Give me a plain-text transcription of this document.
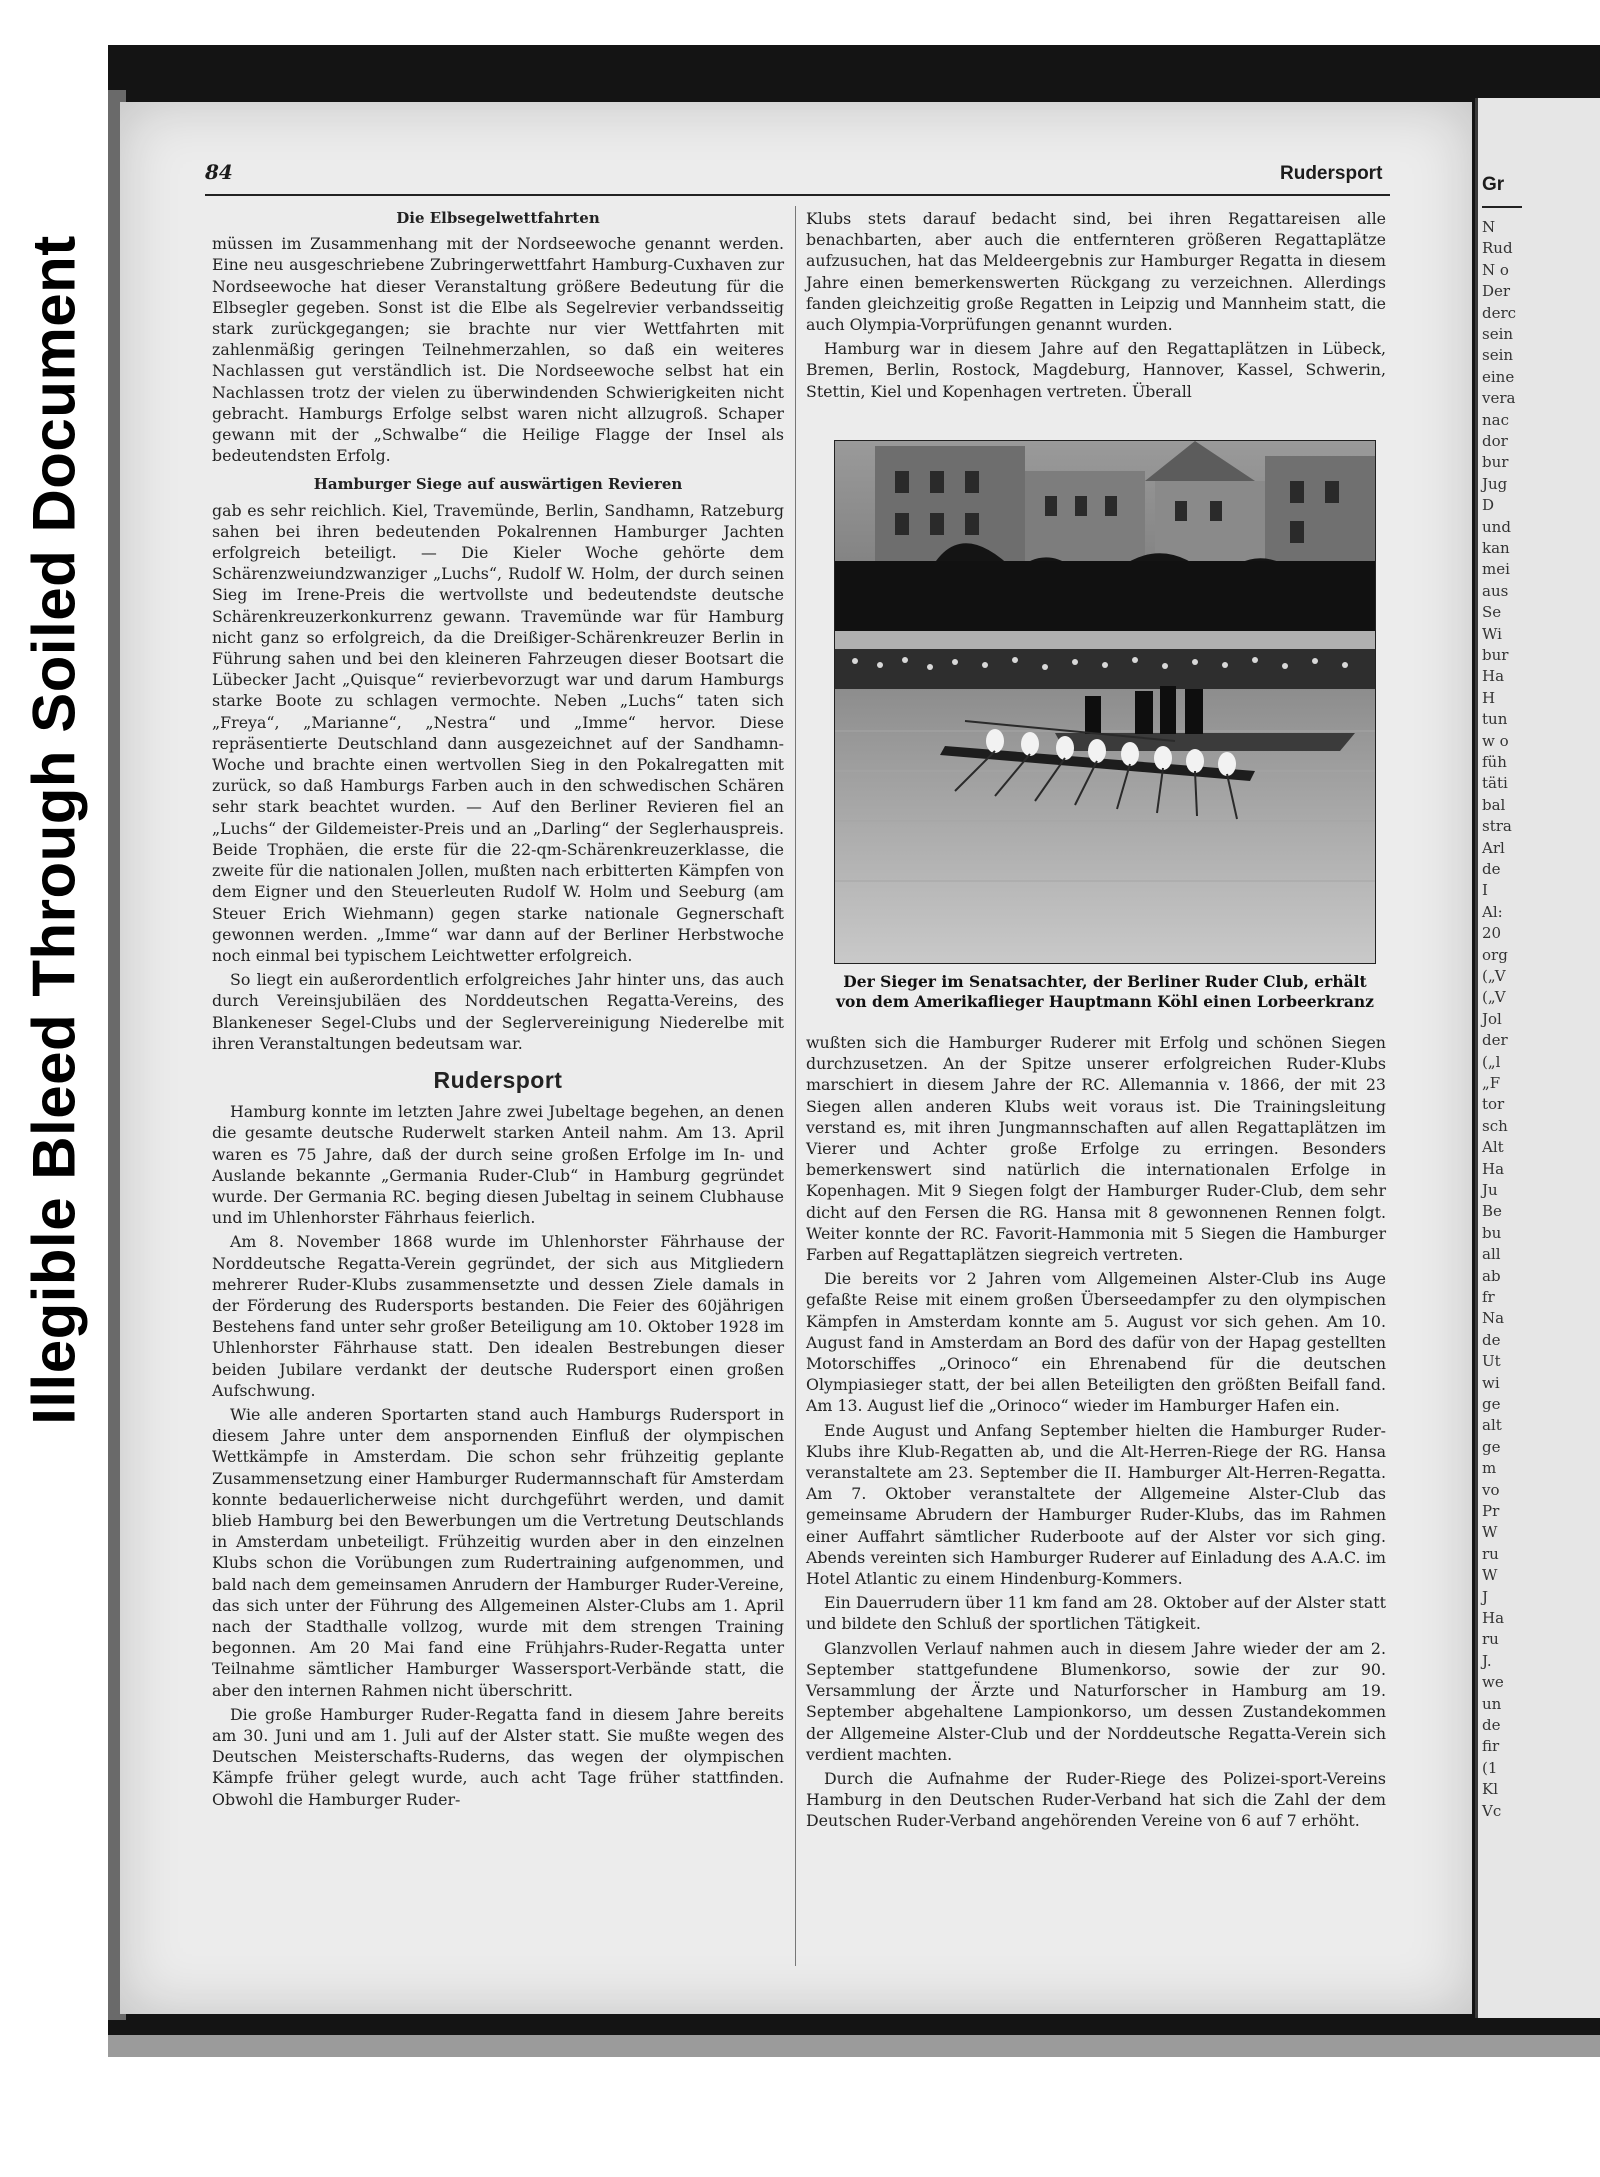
Illegible Bleed Through Soiled Document
Gr
N
Rud
N o
Der
derc
sein
sein
eine
vera
nac
dor
bur
Jug
D
und
kan
mei
aus
Se
Wi
bur
Ha
H
tun
w o
füh
täti
bal
stra
Arl
de
I
Al:
20
org
(„V
(„V
Jol
der
(„l
„F
tor
sch
Alt
Ha
Ju
Be
bu
all
ab
fr
Na
de
Ut
wi
ge
alt
ge
m
vo
Pr
W
ru
W
J
Ha
ru
J.
we
un
de
fir
(1
Kl
Vc
84	Rudersport
Die Elbsegelwettfahrten

müssen im Zusammenhang mit der Nordseewoche genannt werden. Eine neu ausgeschriebene Zubringerwettfahrt Hamburg-Cuxhaven zur Nordseewoche hat dieser Veranstaltung größere Bedeutung für die Elbsegler gegeben. Sonst ist die Elbe als Segelrevier verbandsseitig stark zurückgegangen; sie brachte nur vier Wettfahrten mit zahlenmäßig geringen Teilnehmerzahlen, so daß ein weiteres Nachlassen gut verständlich ist. Die Nordseewoche selbst hat ein Nachlassen trotz der vielen zu überwindenden Schwierigkeiten nicht gebracht. Hamburgs Erfolge selbst waren nicht allzugroß. Schaper gewann mit der „Schwalbe“ die Heilige Flagge der Insel als bedeutendsten Erfolg.

Hamburger Siege auf auswärtigen Revieren

gab es sehr reichlich. Kiel, Travemünde, Berlin, Sandhamn, Ratzeburg sahen bei ihren bedeutenden Pokalrennen Hamburger Jachten erfolgreich beteiligt. — Die Kieler Woche gehörte dem Schärenzweiundzwanziger „Luchs“, Rudolf W. Holm, der durch seinen Sieg im Irene-Preis die wertvollste und bedeutendste deutsche Schärenkreuzerkonkurrenz gewann. Travemünde war für Hamburg nicht ganz so erfolgreich, da die Dreißiger-Schärenkreuzer Berlin in Führung sahen und bei den kleineren Fahrzeugen dieser Bootsart die Lübecker Jacht „Quisque“ revierbevorzugt war und darum Hamburgs starke Boote zu schlagen vermochte. Neben „Luchs“ taten sich „Freya“, „Marianne“, „Nestra“ und „Imme“ hervor. Diese repräsentierte Deutschland dann ausgezeichnet auf der Sandhamn-Woche und brachte einen wertvollen Sieg in den Pokalregatten mit zurück, so daß Hamburgs Farben auch in den schwedischen Schären sehr stark beachtet wurden. — Auf den Berliner Revieren fiel an „Luchs“ der Gildemeister-Preis und an „Darling“ der Seglerhauspreis. Beide Trophäen, die erste für die 22-qm-Schärenkreuzerklasse, die zweite für die nationalen Jollen, mußten nach erbitterten Kämpfen von dem Eigner und den Steuerleuten Rudolf W. Holm und Seeburg (am Steuer Erich Wiehmann) gegen starke nationale Gegnerschaft gewonnen werden. „Imme“ war dann auf der Berliner Herbstwoche noch einmal bei typischem Leichtwetter erfolgreich.

So liegt ein außerordentlich erfolgreiches Jahr hinter uns, das auch durch Vereinsjubiläen des Norddeutschen Regatta-Vereins, des Blankeneser Segel-Clubs und der Seglervereinigung Niederelbe mit ihren Veranstaltungen bedeutsam war.

Rudersport

Hamburg konnte im letzten Jahre zwei Jubeltage begehen, an denen die gesamte deutsche Ruderwelt starken Anteil nahm. Am 13. April waren es 75 Jahre, daß der durch seine großen Erfolge im In- und Auslande bekannte „Germania Ruder-Club“ in Hamburg gegründet wurde. Der Germania RC. beging diesen Jubeltag in seinem Clubhause und im Uhlenhorster Fährhaus feierlich.

Am 8. November 1868 wurde im Uhlenhorster Fährhause der Norddeutsche Regatta-Verein gegründet, der sich aus Mitgliedern mehrerer Ruder-Klubs zusammensetzte und dessen Ziele damals in der Förderung des Rudersports bestanden. Die Feier des 60jährigen Bestehens fand unter sehr großer Beteiligung am 10. Oktober 1928 im Uhlenhorster Fährhause statt. Den idealen Bestrebungen dieser beiden Jubilare verdankt der deutsche Rudersport einen großen Aufschwung.

Wie alle anderen Sportarten stand auch Hamburgs Rudersport in diesem Jahre unter dem anspornenden Einfluß der olympischen Wettkämpfe in Amsterdam. Die schon sehr frühzeitig geplante Zusammensetzung einer Hamburger Rudermannschaft für Amsterdam konnte bedauerlicherweise nicht durchgeführt werden, und damit blieb Hamburg bei den Bewerbungen um die Vertretung Deutschlands in Amsterdam unbeteiligt. Frühzeitig wurden aber in den einzelnen Klubs schon die Vorübungen zum Rudertraining aufgenommen, und bald nach dem gemeinsamen Anrudern der Hamburger Ruder-Vereine, das sich unter der Führung des Allgemeinen Alster-Clubs am 1. April nach der Stadthalle vollzog, wurde mit dem strengen Training begonnen. Am 20 Mai fand eine Frühjahrs-Ruder-Regatta unter Teilnahme sämtlicher Hamburger Wassersport-Verbände statt, die aber den internen Rahmen nicht überschritt.

Die große Hamburger Ruder-Regatta fand in diesem Jahre bereits am 30. Juni und am 1. Juli auf der Alster statt. Sie mußte wegen des Deutschen Meisterschafts-Ruderns, das wegen der olympischen Kämpfe früher gelegt wurde, auch acht Tage früher stattfinden. Obwohl die Hamburger Ruder-

Klubs stets darauf bedacht sind, bei ihren Regattareisen alle benachbarten, aber auch die entfernteren größeren Regattaplätze aufzusuchen, hat das Meldeergebnis zur Hamburger Regatta in diesem Jahre einen bemerkenswerten Rückgang zu verzeichnen. Allerdings fanden gleichzeitig große Regatten in Leipzig und Mannheim statt, die auch Olympia-Vorprüfungen genannt wurden.

Hamburg war in diesem Jahre auf den Regattaplätzen in Lübeck, Bremen, Berlin, Rostock, Magdeburg, Hannover, Kassel, Schwerin, Stettin, Kiel und Kopenhagen vertreten. Überall

Der Sieger im Senatsachter, der Berliner Ruder Club, erhält von dem Amerikaflieger Hauptmann Köhl einen Lorbeerkranz

wußten sich die Hamburger Ruderer mit Erfolg und schönen Siegen durchzusetzen. An der Spitze unserer erfolgreichen Ruder-Klubs marschiert in diesem Jahre der RC. Allemannia v. 1866, der mit 23 Siegen allen anderen Klubs weit voraus ist. Die Trainingsleitung verstand es, mit ihren Jungmannschaften auf allen Regattaplätzen im Vierer und Achter große Erfolge zu erringen. Besonders bemerkenswert sind natürlich die internationalen Erfolge in Kopenhagen. Mit 9 Siegen folgt der Hamburger Ruder-Club, dem sehr dicht auf den Fersen die RG. Hansa mit 8 gewonnenen Rennen folgt. Weiter konnte der RC. Favorit-Hammonia mit 5 Siegen die Hamburger Farben auf Regattaplätzen siegreich vertreten.

Die bereits vor 2 Jahren vom Allgemeinen Alster-Club ins Auge gefaßte Reise mit einem großen Überseedampfer zu den olympischen Kämpfen in Amsterdam konnte am 5. August vor sich gehen. Am 10. August fand in Amsterdam an Bord des dafür von der Hapag gestellten Motorschiffes „Orinoco“ ein Ehrenabend für die deutschen Olympiasieger statt, der bei allen Beteiligten den größten Beifall fand. Am 13. August lief die „Orinoco“ wieder im Hamburger Hafen ein.

Ende August und Anfang September hielten die Hamburger Ruder-Klubs ihre Klub-Regatten ab, und die Alt-Herren-Riege der RG. Hansa veranstaltete am 23. September die II. Hamburger Alt-Herren-Regatta. Am 7. Oktober veranstaltete der Allgemeine Alster-Club das gemeinsame Abrudern der Hamburger Ruder-Klubs, das im Rahmen einer Auffahrt sämtlicher Ruderboote auf der Alster vor sich ging. Abends vereinten sich Hamburger Ruderer auf Einladung des A.A.C. im Hotel Atlantic zu einem Hindenburg-Kommers.

Ein Dauerrudern über 11 km fand am 28. Oktober auf der Alster statt und bildete den Schluß der sportlichen Tätigkeit.

Glanzvollen Verlauf nahmen auch in diesem Jahre wieder der am 2. September stattgefundene Blumenkorso, sowie der zur 90. Versammlung der Ärzte und Naturforscher in Hamburg am 19. September abgehaltene Lampionkorso, um dessen Zustandekommen der Allgemeine Alster-Club und der Norddeutsche Regatta-Verein sich verdient machten.

Durch die Aufnahme der Ruder-Riege des Polizei-sport-Vereins Hamburg in den Deutschen Ruder-Verband hat sich die Zahl der dem Deutschen Ruder-Verband angehörenden Vereine von 6 auf 7 erhöht.
